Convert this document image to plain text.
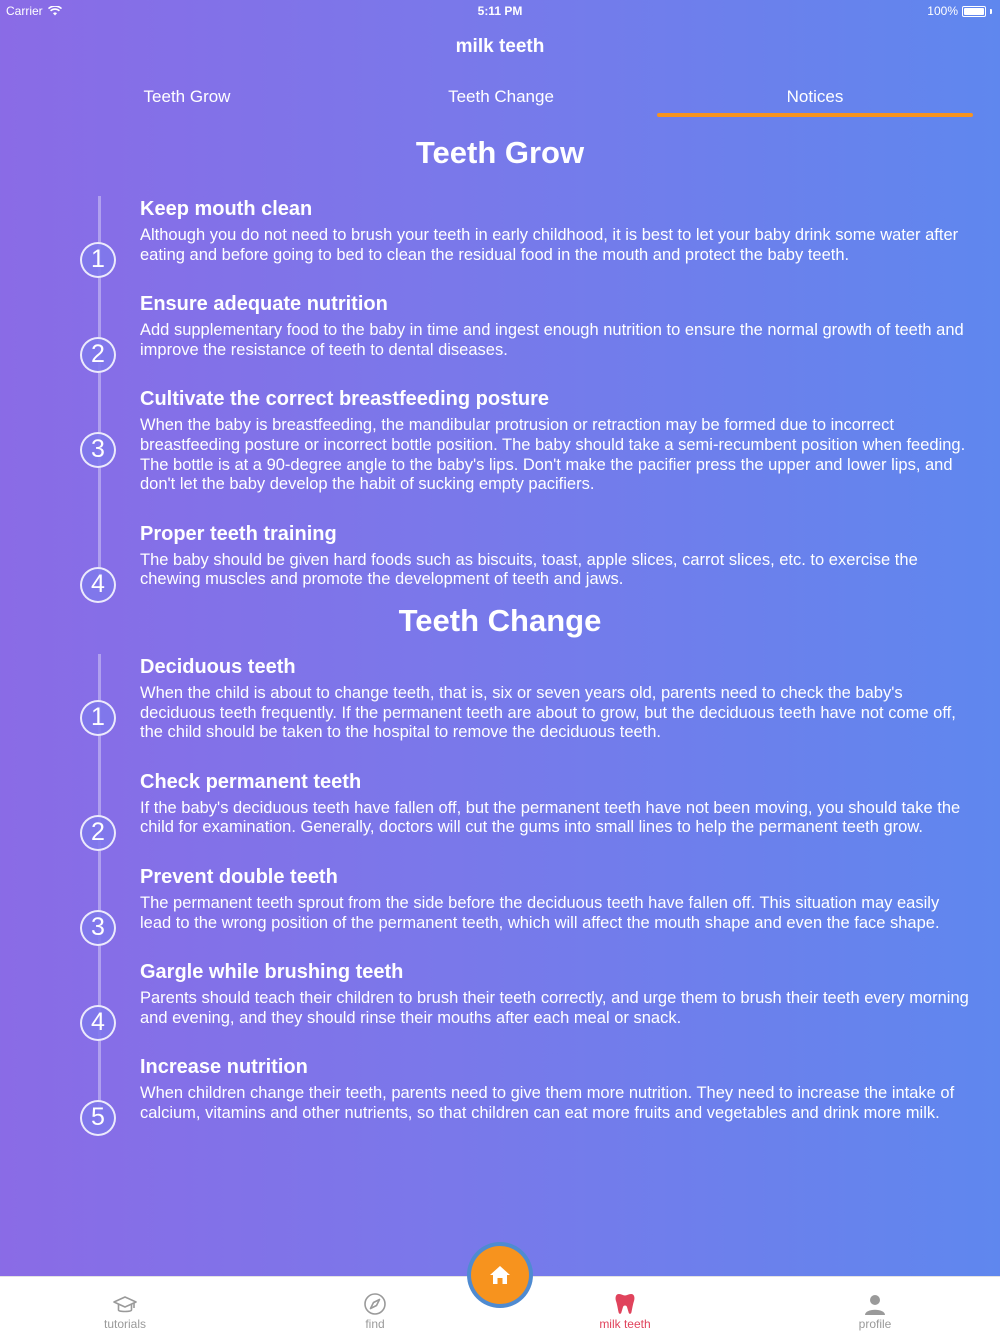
Carrier	5:11 PM	100%
milk teeth
Teeth Grow	Teeth Change	Notices
Teeth Grow
1
Keep mouth clean
Although you do not need to brush your teeth in early childhood, it is best to let your baby drink some water after eating and before going to bed to clean the residual food in the mouth and protect the baby teeth.
2
Ensure adequate nutrition
Add supplementary food to the baby in time and ingest enough nutrition to ensure the normal growth of teeth and improve the resistance of teeth to dental diseases.
3
Cultivate the correct breastfeeding posture
When the baby is breastfeeding, the mandibular protrusion or retraction may be formed due to incorrect breastfeeding posture or incorrect bottle position. The baby should take a semi-recumbent position when feeding. The bottle is at a 90-degree angle to the baby's lips. Don't make the pacifier press the upper and lower lips, and don't let the baby develop the habit of sucking empty pacifiers.
4
Proper teeth training
The baby should be given hard foods such as biscuits, toast, apple slices, carrot slices, etc. to exercise the chewing muscles and promote the development of teeth and jaws.
Teeth Change
1
Deciduous teeth
When the child is about to change teeth, that is, six or seven years old, parents need to check the baby's deciduous teeth frequently. If the permanent teeth are about to grow, but the deciduous teeth have not come off, the child should be taken to the hospital to remove the deciduous teeth.
2
Check permanent teeth
If the baby's deciduous teeth have fallen off, but the permanent teeth have not been moving, you should take the child for examination. Generally, doctors will cut the gums into small lines to help the permanent teeth grow.
3
Prevent double teeth
The permanent teeth sprout from the side before the deciduous teeth have fallen off. This situation may easily lead to the wrong position of the permanent teeth, which will affect the mouth shape and even the face shape.
4
Gargle while brushing teeth
Parents should teach their children to brush their teeth correctly, and urge them to brush their teeth every morning and evening, and they should rinse their mouths after each meal or snack.
5
Increase nutrition
When children change their teeth, parents need to give them more nutrition. They need to increase the intake of calcium, vitamins and other nutrients, so that children can eat more fruits and vegetables and drink more milk.
tutorials	find	milk teeth	profile
